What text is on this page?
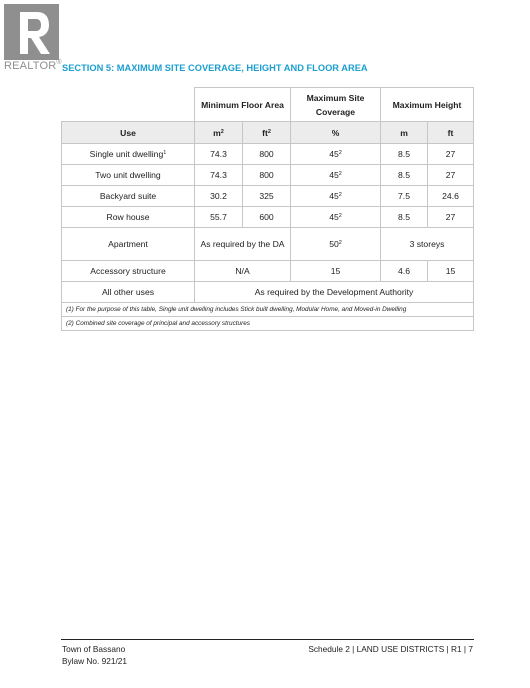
REALTOR®
SECTION 5: MAXIMUM SITE COVERAGE, HEIGHT AND FLOOR AREA
	Minimum Floor Area		Maximum Site Coverage	Maximum Height	
Use	$m^2$	$ft^2$	%	m	ft
Single unit dwelling$^1$	74.3	800	$45^2$	8.5	27
Two unit dwelling	74.3	800	$45^2$	8.5	27
Backyard suite	30.2	325	$45^2$	7.5	24.6
Row house	55.7	600	$45^2$	8.5	27
Apartment	As required by the DA		$50^2$	3 storeys	
Accessory structure	N/A		15	4.6	15
All other uses	As required by the Development Authority				
(1) For the purpose of this table, Single unit dwelling includes Stick built dwelling, Modular Home, and Moved-in Dwelling					
(2) Combined site coverage of principal and accessory structures					
Town of Bassano
Bylaw No. 921/21
Schedule 2 | LAND USE DISTRICTS | R1 | 7
